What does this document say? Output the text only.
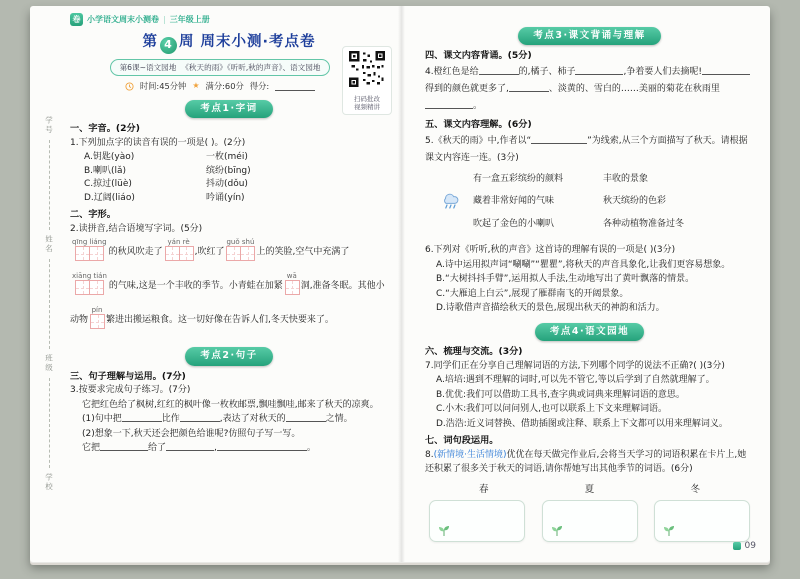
卷 小学语文周末小测卷 | 三年级上册
学号
姓名
班级
学校
第 4 周 周末小测·考点卷
第6课~语文园地 《秋天的雨》《听听,秋的声音》、语文园地
时间:45分钟 ★ 满分:60分 得分:
扫码批改
视频精讲
考点1·字词
一、字音。(2分)
1.下列加点字的读音有误的一项是( )。(2分)
A.钥匙(yào)	一枚(méi)
B.喇叭(lǎ)	缤纷(bīng)
C.掠过(lüè)	抖动(dǒu)
D.辽阔(liáo)	吟诵(yín)
二、字形。
2.读拼音,结合语境写字词。(5分)

qīng liáng
的秋风吹走了
yán rè
,吹红了
guǒ shú
上的笑脸,空气中充满了
xiāng tián
的气味,这是一个丰收的季节。小青蛙在加紧
wā
洞,准备冬眠。其他小动物
pín
繁进出搬运粮食。这一切好像在告诉人们,冬天快要来了。

考点2·句子
三、句子理解与运用。(7分)
3.按要求完成句子练习。(7分)
它把红色给了枫树,红红的枫叶像一枚枚邮票,飘哇飘哇,邮来了秋天的凉爽。
(1)句中把	比作	,表达了对秋天的	之情。
(2)想象一下,秋天还会把颜色给谁呢?仿照句子写一写。
它把	给了	,	。
考点3·课文背诵与理解
四、课文内容背诵。(5分)

4.橙红色是给	的,橘子、柿子	,争着要人们去摘呢!得到的颜色就更多了,	、淡黄的、雪白的……美丽的菊花在秋雨里。

五、课文内容理解。(6分)

5.《秋天的雨》中,作者以“	”为线索,从三个方面描写了秋天。请根据课文内容连一连。(3分)

有一盒五彩缤纷的颜料
藏着非常好闻的气味
吹起了金色的小喇叭
丰收的景象
秋天缤纷的色彩
各种动植物准备过冬
6.下列对《听听,秋的声音》这首诗的理解有误的一项是( )(3分)
A.诗中运用拟声词“唰唰”“瞿瞿”,将秋天的声音具象化,让我们更容易想象。
B.“大树抖抖手臂”,运用拟人手法,生动地写出了黄叶飘落的情景。
C.“大雁追上白云”,展现了雁群南飞的开阔景象。
D.诗歌借声音描绘秋天的景色,展现出秋天的神韵和活力。
考点4·语文园地
六、梳理与交流。(3分)
7.同学们正在分享自己理解词语的方法,下列哪个同学的说法不正确?( )(3分)
A.培培:遇到不理解的词时,可以先不管它,等以后学到了自然就理解了。
B.优优:我们可以借助工具书,查字典或词典来理解词语的意思。
C.小木:我们可以问问别人,也可以联系上下文来理解词语。
D.浩浩:近义词替换、借助插图或注释、联系上下文都可以用来理解词义。
七、词句段运用。
8.(新情境·生活情境)优优在每天做完作业后,会将当天学习的词语积累在卡片上,她还积累了很多关于秋天的词语,请你帮她写出其他季节的词语。(6分)
春	夏	冬
09
